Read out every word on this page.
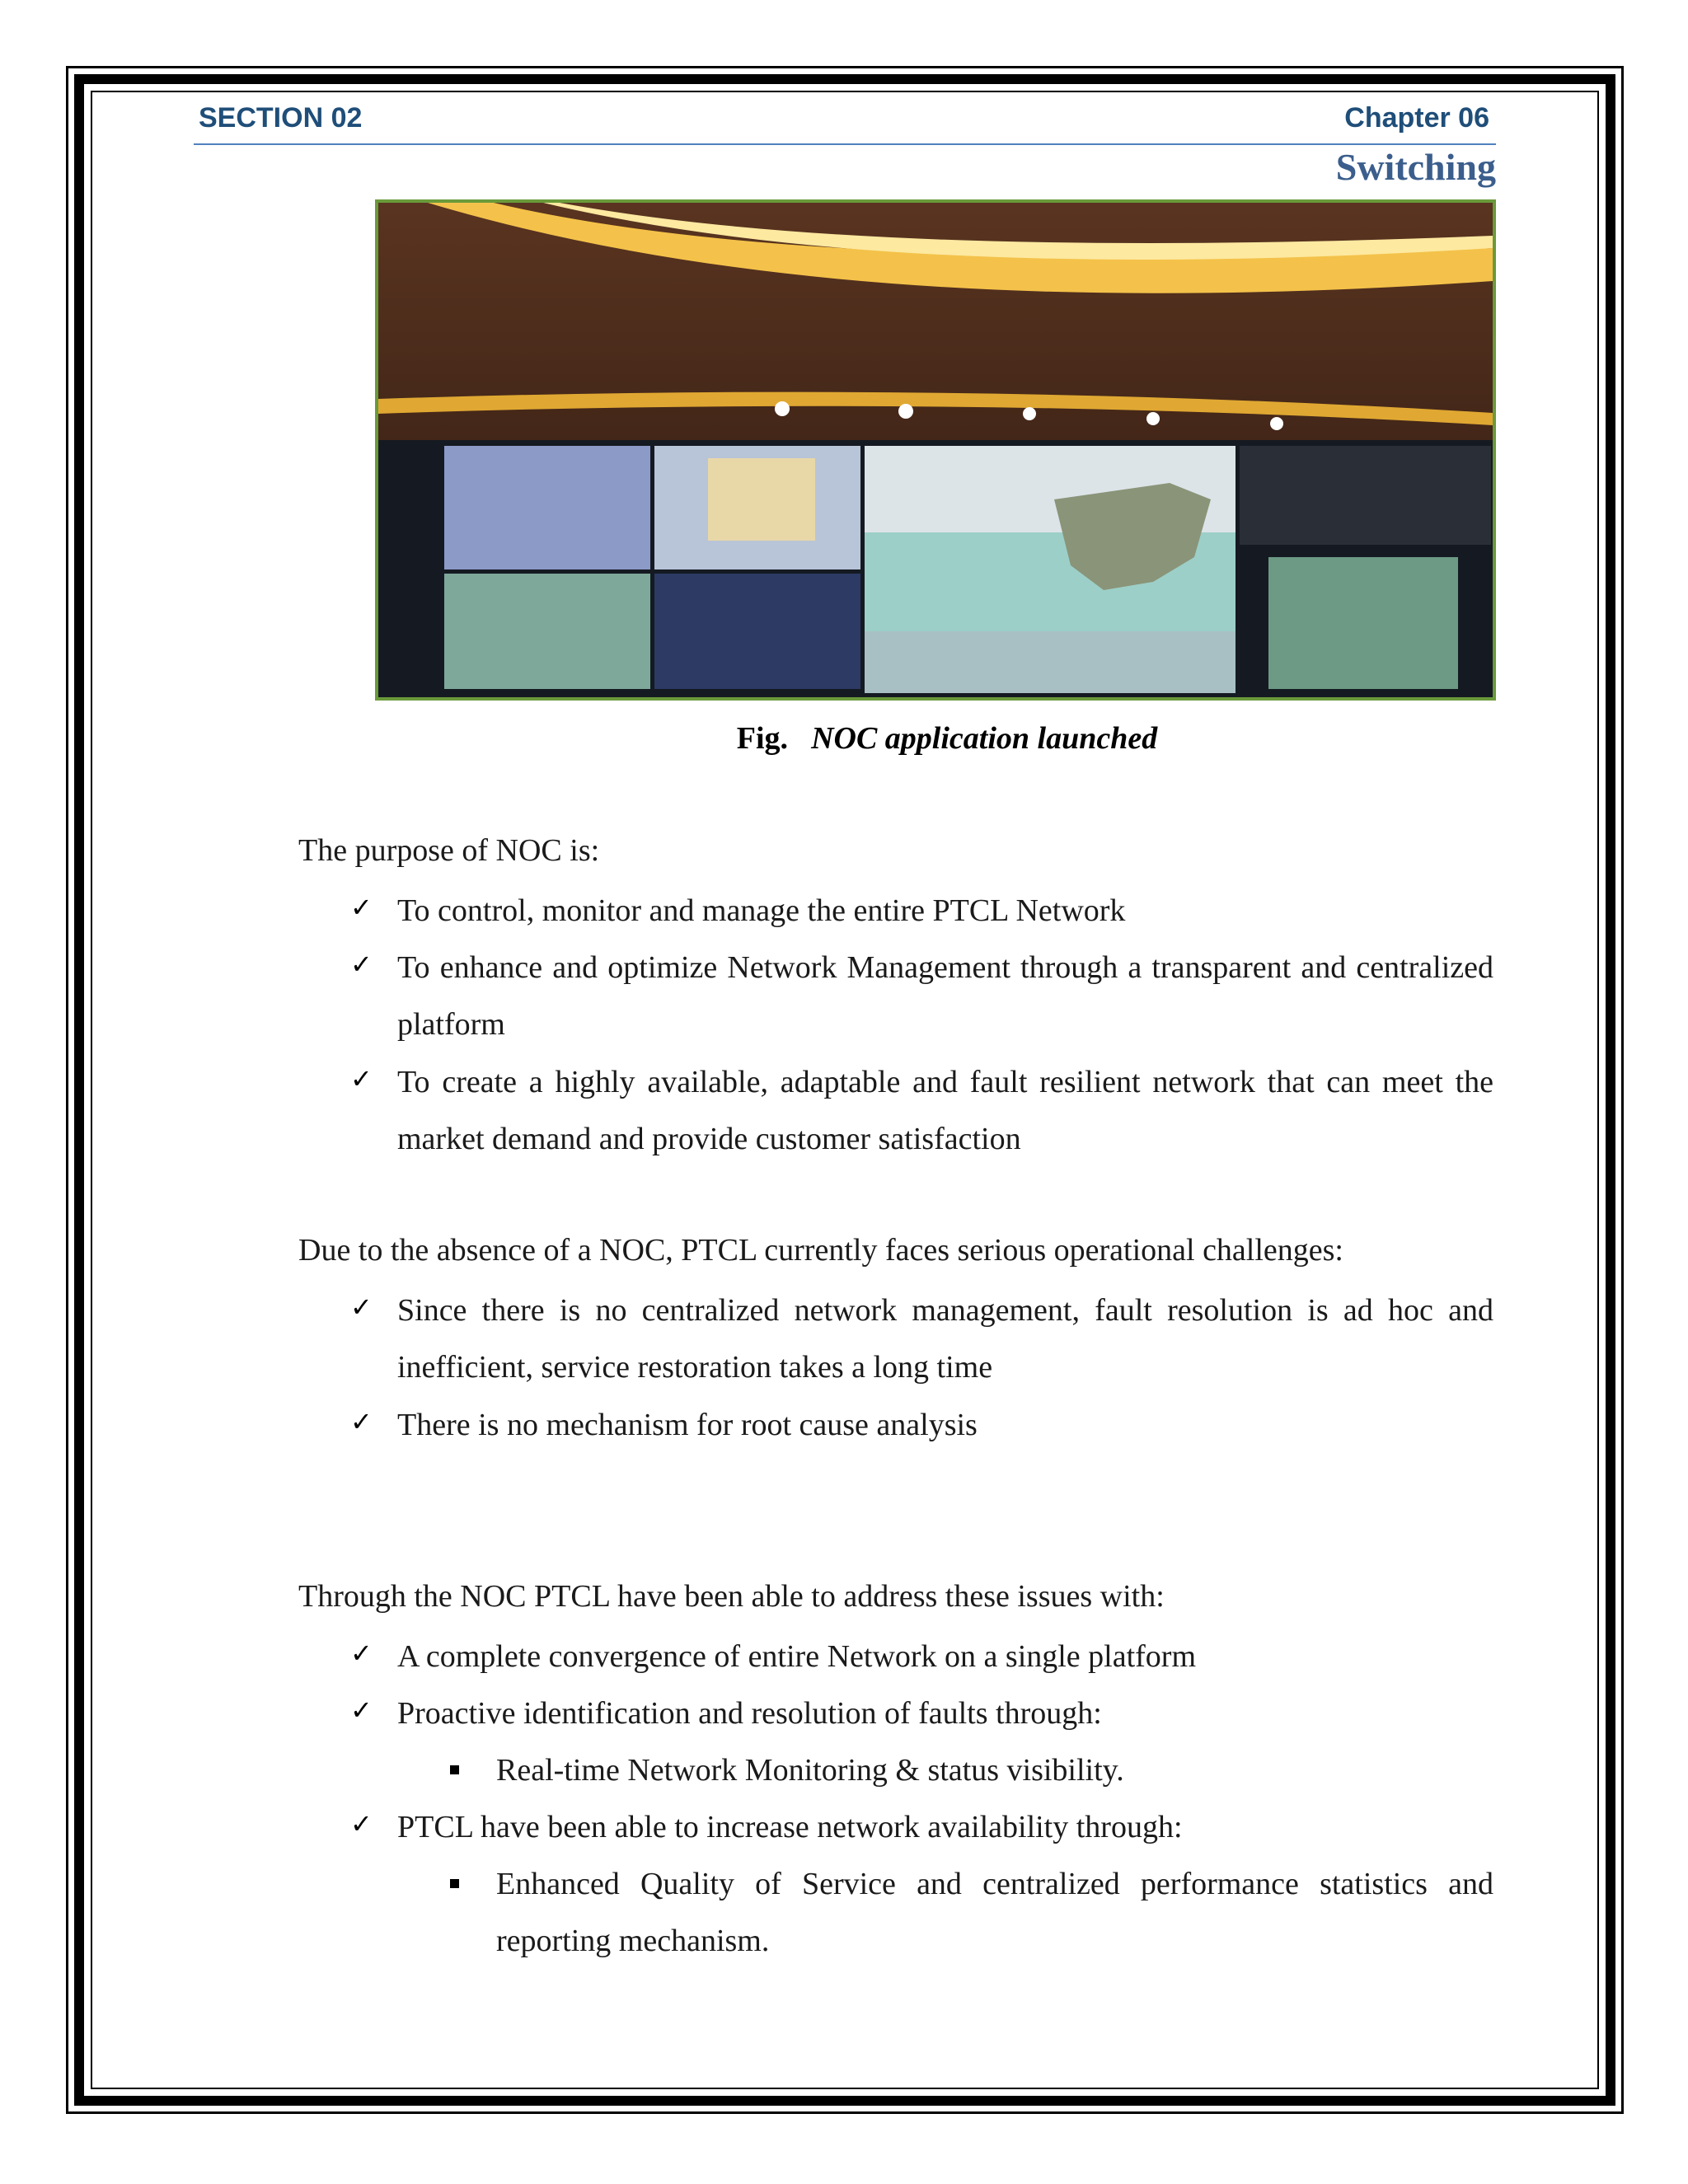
SECTION 02	Chapter 06
Switching
Fig. NOC application launched
The purpose of NOC is:
✓ To control, monitor and manage the entire PTCL Network
✓ To enhance and optimize Network Management through a transparent and centralized platform
✓ To create a highly available, adaptable and fault resilient network that can meet the market demand and provide customer satisfaction
Due to the absence of a NOC, PTCL currently faces serious operational challenges:
✓ Since there is no centralized network management, fault resolution is ad hoc and inefficient, service restoration takes a long time
✓ There is no mechanism for root cause analysis
Through the NOC PTCL have been able to address these issues with:
✓ A complete convergence of entire Network on a single platform
✓ Proactive identification and resolution of faults through:
Real-time Network Monitoring & status visibility.
✓ PTCL have been able to increase network availability through:
Enhanced Quality of Service and centralized performance statistics and reporting mechanism.
